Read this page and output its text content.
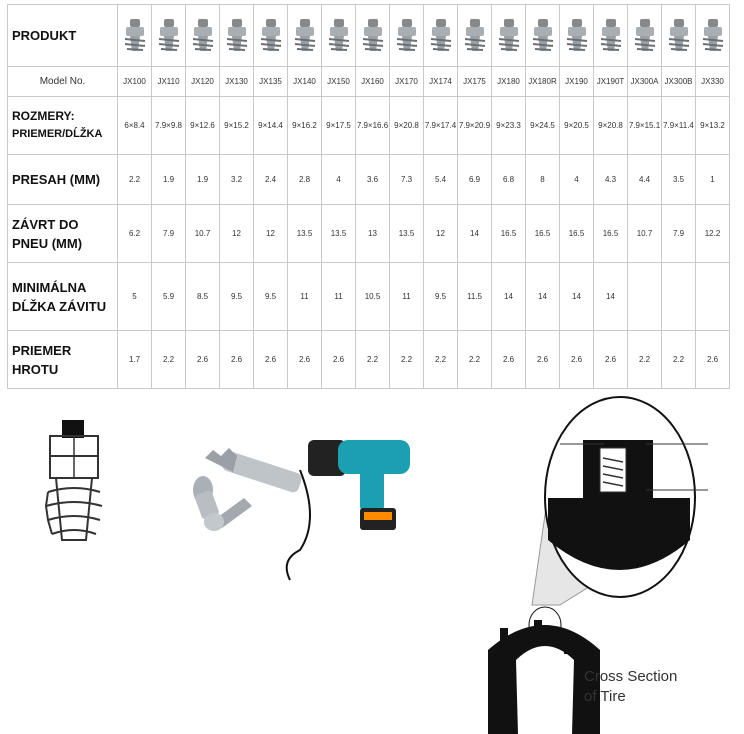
PRODUKT	

Model No.	JX100	JX110	JX120	JX130	JX135	JX140	JX150	JX160	JX170	JX174	JX175	JX180	JX180R	JX190	JX190T	JX300A	JX300B	JX330
ROZMERY:
PRIEMER/DĹŽKA	6×8.4	7.9×9.8	9×12.6	9×15.2	9×14.4	9×16.2	9×17.5	7.9×16.6	9×20.8	7.9×17.4	7.9×20.9	9×23.3	9×24.5	9×20.5	9×20.8	7.9×15.1	7.9×11.4	9×13.2
PRESAH (MM)	2.2	1.9	1.9	3.2	2.4	2.8	4	3.6	7.3	5.4	6.9	6.8	8	4	4.3	4.4	3.5	1
ZÁVRT DO
PNEU (MM)	6.2	7.9	10.7	12	12	13.5	13.5	13	13.5	12	14	16.5	16.5	16.5	16.5	10.7	7.9	12.2
MINIMÁLNA
DĹŽKA ZÁVITU	5	5.9	8.5	9.5	9.5	11	11	10.5	11	9.5	11.5	14	14	14	14			
PRIEMER
HROTU	1.7	2.2	2.6	2.6	2.6	2.6	2.6	2.2	2.2	2.2	2.2	2.6	2.6	2.6	2.6	2.2	2.2	2.6
Cross Section
of Tire
